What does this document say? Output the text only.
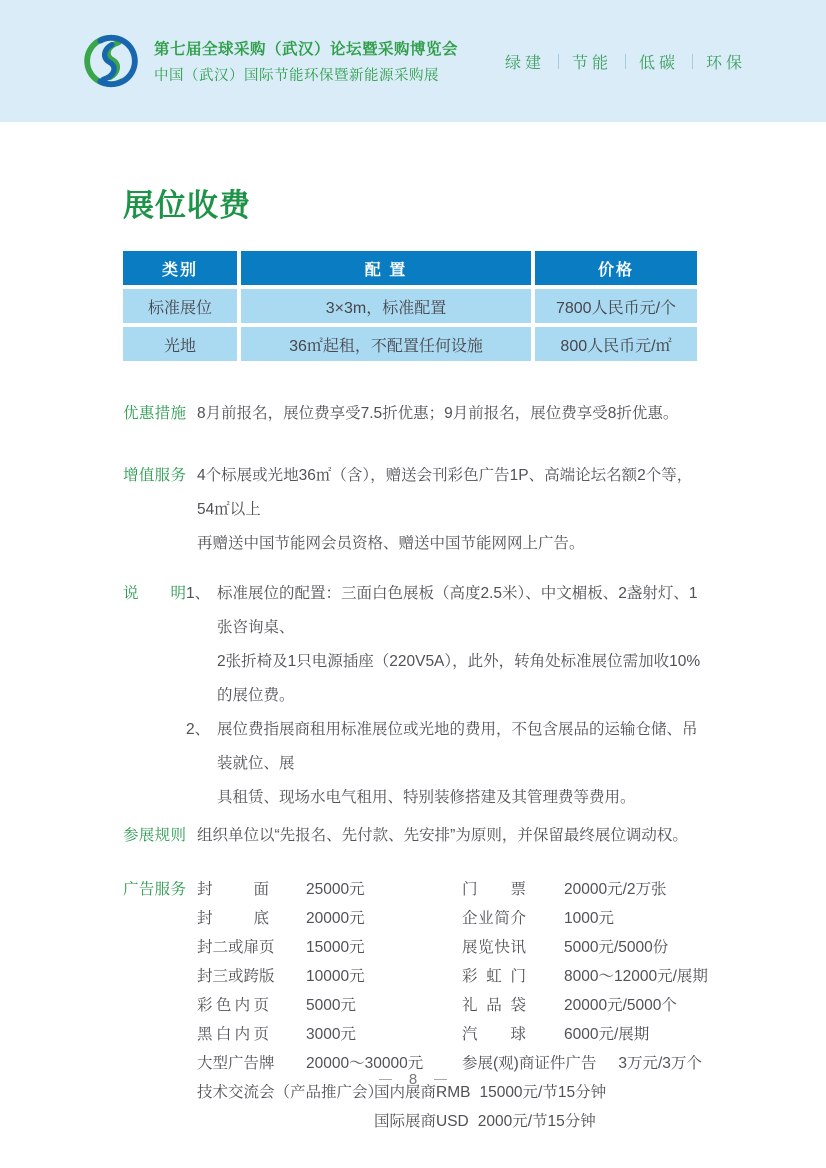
第七届全球采购（武汉）论坛暨采购博览会
中国（武汉）国际节能环保暨新能源采购展
绿建 节能 低碳 环保
展位收费
类别	配 置	价格
标准展位	3×3m，标准配置	7800人民币元/个
光地	36㎡起租，不配置任何设施	800人民币元/㎡
优惠措施 8月前报名，展位费享受7.5折优惠；9月前报名，展位费享受8折优惠。
增值服务 4个标展或光地36㎡（含），赠送会刊彩色广告1P、高端论坛名额2个等，54㎡以上
再赠送中国节能网会员资格、赠送中国节能网网上广告。
说明 1、 标准展位的配置：三面白色展板（高度2.5米）、中文楣板、2盏射灯、1张咨询桌、
2张折椅及1只电源插座（220V5A），此外，转角处标准展位需加收10%的展位费。
2、 展位费指展商租用标准展位或光地的费用，不包含展品的运输仓储、吊装就位、展
具租赁、现场水电气租用、特别装修搭建及其管理费等费用。
参展规则 组织单位以“先报名、先付款、先安排”为原则，并保留最终展位调动权。
广告服务 封面 25000元	门票 20000元/2万张
封底 20000元	企业简介 1000元
封二或扉页 15000元	展览快讯 5000元/5000份
封三或跨版 10000元	彩虹门 8000～12000元/展期
彩色内页 5000元	礼品袋 20000元/5000个
黑白内页 3000元	汽球 6000元/展期
大型广告牌 20000～30000元	参展(观)商证件广告 3万元/3万个
技术交流会（产品推广会）国内展商RMB 15000元/节15分钟
国际展商USD 2000元/节15分钟
8
